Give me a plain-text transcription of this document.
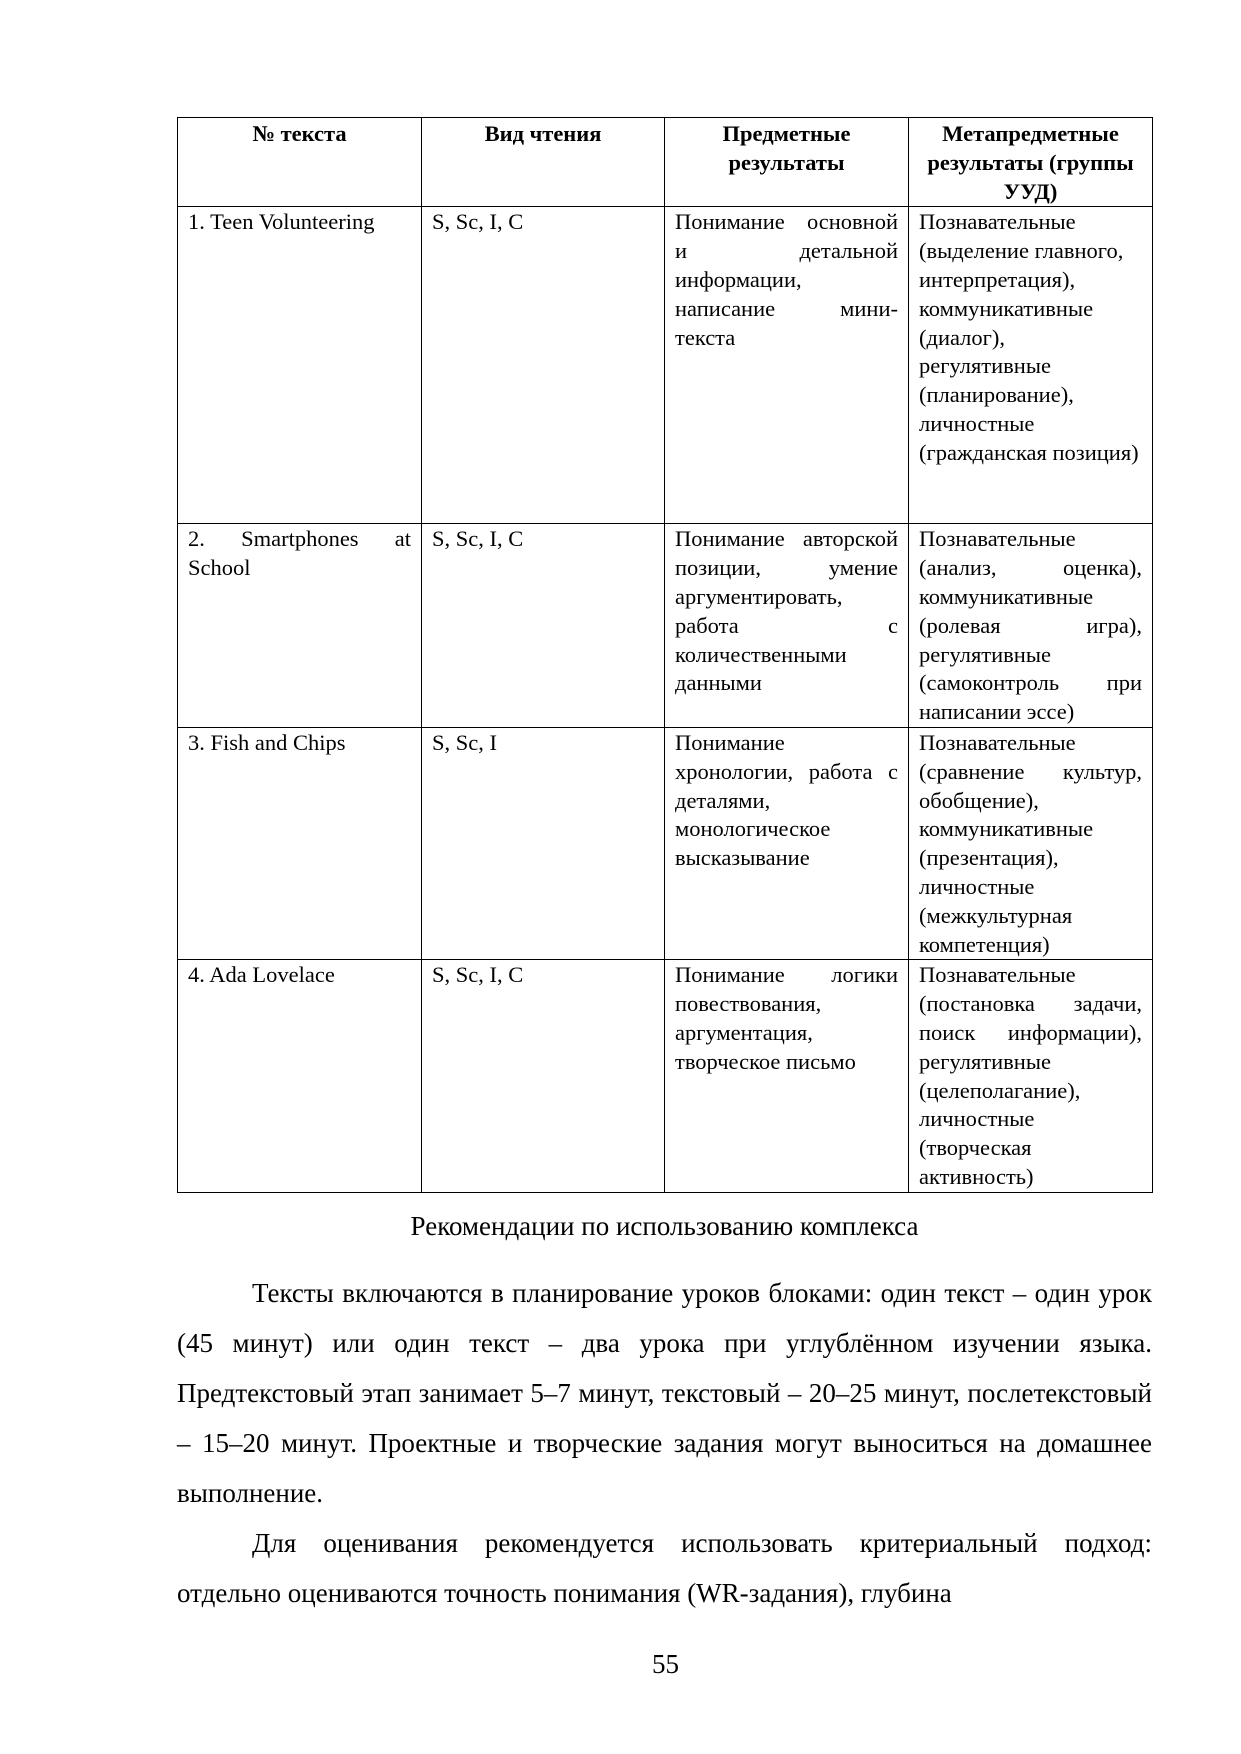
№ текста	Вид чтения	Предметные результаты	Метапредметные результаты (группы УУД)
1. Teen Volunteering	S, Sc, I, C	Понимание основной и детальной информации, написание мини-текста	Познавательные (выделение главного, интерпретация), коммуникативные (диалог), регулятивные (планирование), личностные (гражданская позиция)
2. Smartphones at School	S, Sc, I, C	Понимание авторской позиции, умение аргументировать, работа с количественными данными	Познавательные (анализ, оценка), коммуникативные (ролевая игра), регулятивные (самоконтроль при написании эссе)
3. Fish and Chips	S, Sc, I	Понимание хронологии, работа с деталями, монологическое высказывание	Познавательные (сравнение культур, обобщение), коммуникативные (презентация), личностные (межкультурная компетенция)
4. Ada Lovelace	S, Sc, I, C	Понимание логики повествования, аргументация, творческое письмо	Познавательные (постановка задачи, поиск информации), регулятивные (целеполагание), личностные (творческая активность)
Рекомендации по использованию комплекса

Тексты включаются в планирование уроков блоками: один текст – один урок (45 минут) или один текст – два урока при углублённом изучении языка. Предтекстовый этап занимает 5–7 минут, текстовый – 20–25 минут, послетекстовый – 15–20 минут. Проектные и творческие задания могут выноситься на домашнее выполнение.

Для оценивания рекомендуется использовать критериальный подход: отдельно оцениваются точность понимания (WR-задания), глубина

55
